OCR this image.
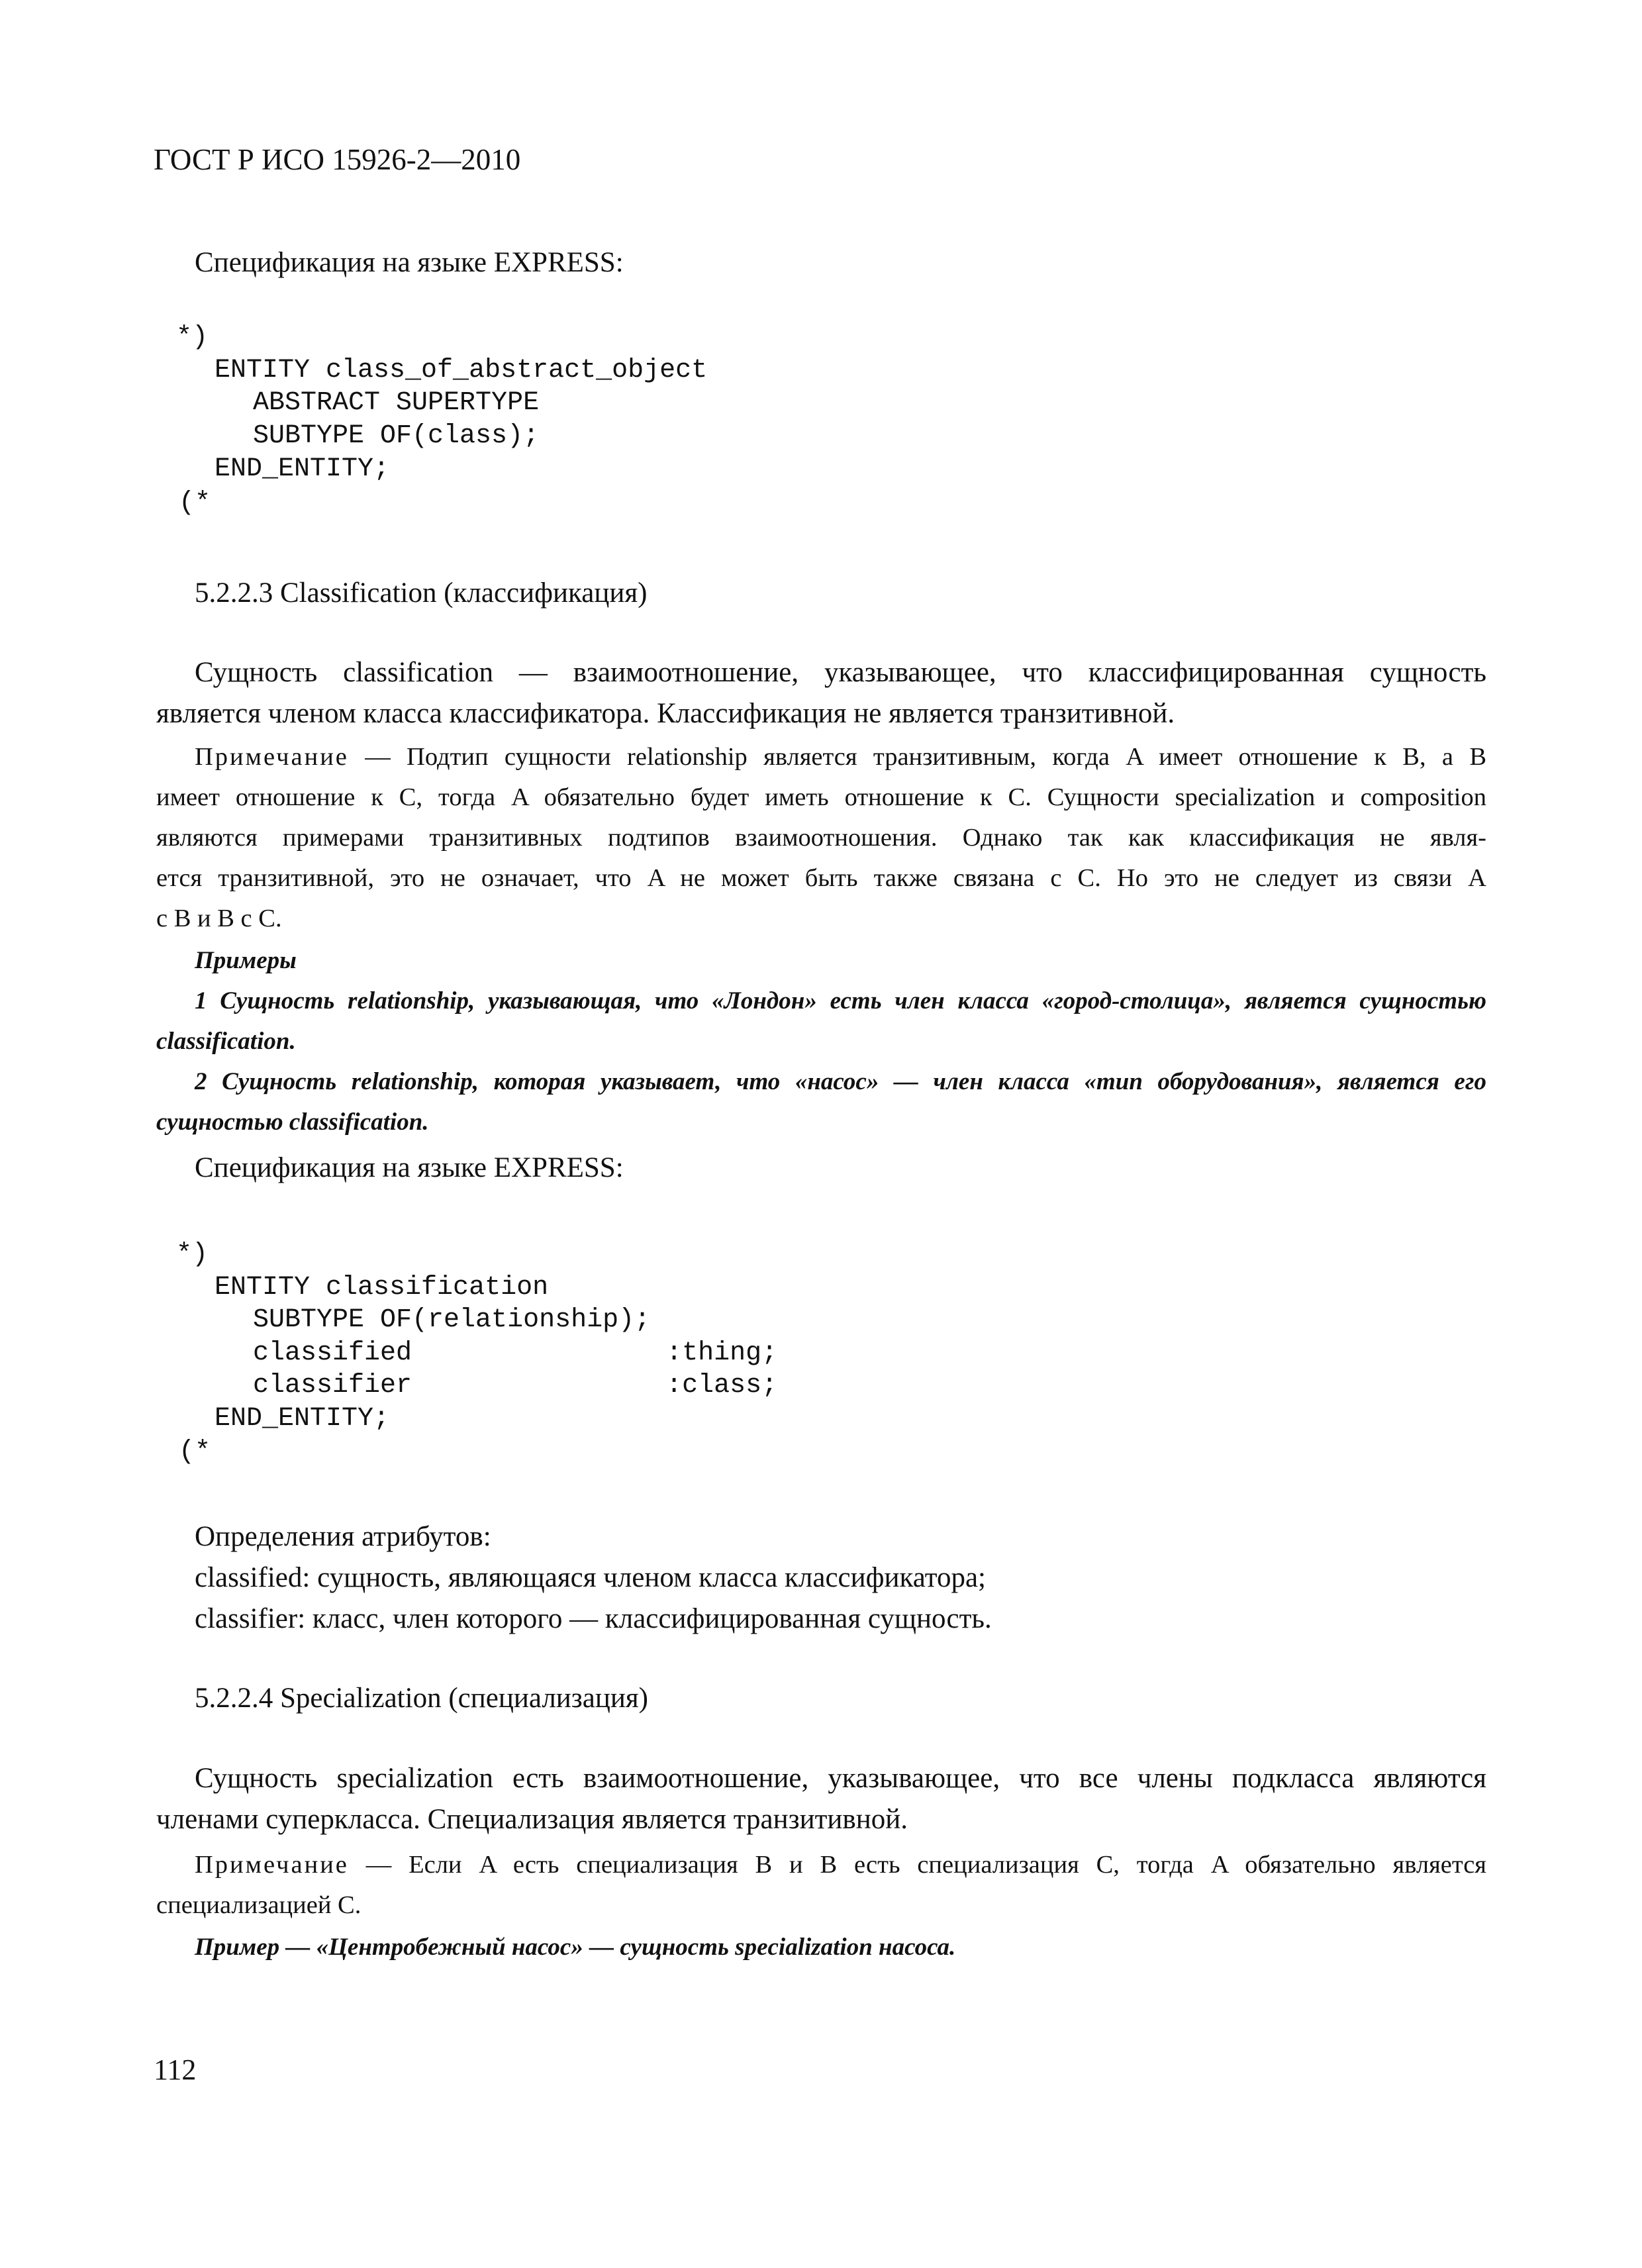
ГОСТ Р ИСО 15926-2—2010
Спецификация на языке EXPRESS:
*)
ENTITY class_of_abstract_object
ABSTRACT SUPERTYPE
SUBTYPE OF(class);
END_ENTITY;
(*
5.2.2.3 Classification (классификация)
Сущность classification — взаимоотношение, указывающее, что классифицированная сущность
является членом класса классификатора. Классификация не является транзитивной.
Примечание — Подтип сущности relationship является транзитивным, когда A имеет отношение к B, а B
имеет отношение к C, тогда A обязательно будет иметь отношение к C. Сущности specialization и composition
являются примерами транзитивных подтипов взаимоотношения. Однако так как классификация не явля-
ется транзитивной, это не означает, что A не может быть также связана с C. Но это не следует из связи A
с B и B с C.
Примеры
1 Сущность relationship, указывающая, что «Лондон» есть член класса «город-столица», является сущностью
classification.
2 Сущность relationship, которая указывает, что «насос» — член класса «тип оборудования», является его
сущностью classification.
Спецификация на языке EXPRESS:
*)
ENTITY classification
SUBTYPE OF(relationship);
classified                :thing;
classifier                :class;
END_ENTITY;
(*
Определения атрибутов:
classified: сущность, являющаяся членом класса классификатора;
classifier: класс, член которого — классифицированная сущность.
5.2.2.4 Specialization (специализация)
Сущность specialization есть взаимоотношение, указывающее, что все члены подкласса являются
членами суперкласса. Специализация является транзитивной.
Примечание — Если A есть специализация B и B есть специализация C, тогда A обязательно является
специализацией C.
Пример — «Центробежный насос» — сущность specialization насоса.
112
